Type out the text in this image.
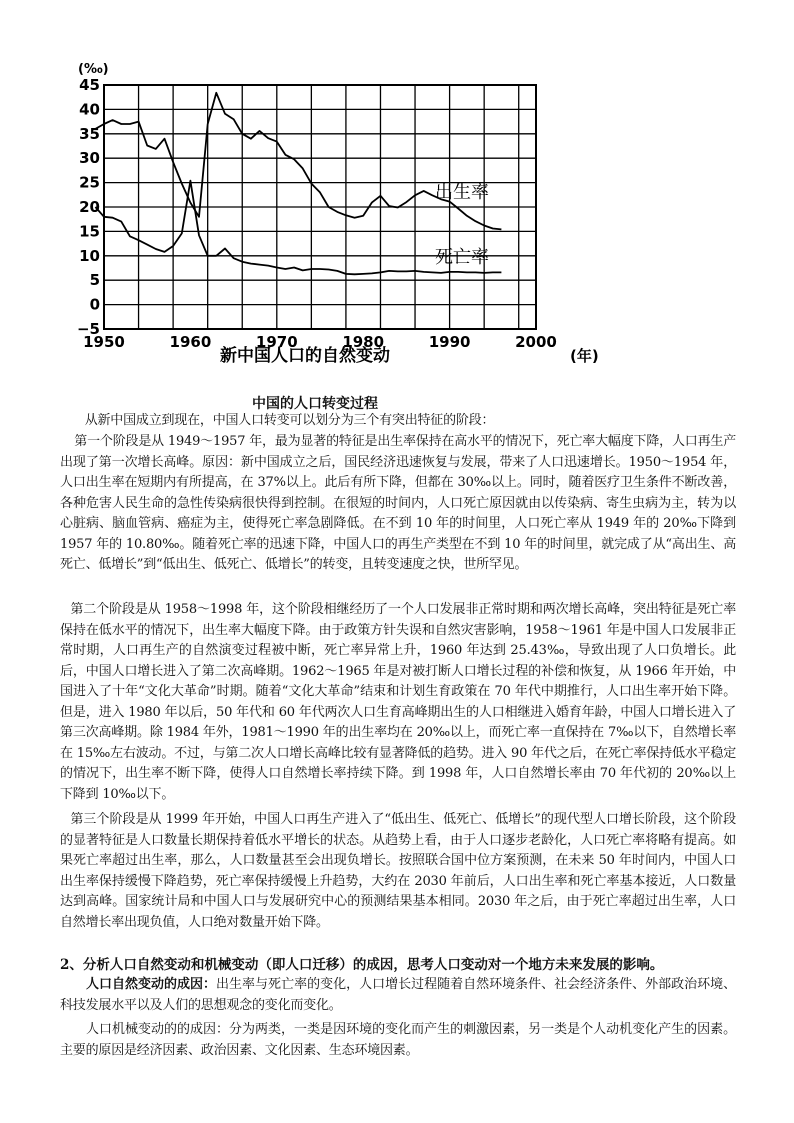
45
40
35
30
25
20
15
10
5
0
−5
1950	1960	1970	1980	1990	2000
(‰)
(年)
新中国人口的自然变动
出生率
死亡率
中国的人口转变过程
从新中国成立到现在，中国人口转变可以划分为三个有突出特征的阶段：
第一个阶段是从 1949～1957 年，最为显著的特征是出生率保持在高水平的情况下，死亡率大幅度下降，人口再生产出现了第一次增长高峰。原因：新中国成立之后，国民经济迅速恢复与发展，带来了人口迅速增长。1950～1954 年，人口出生率在短期内有所提高，在 37%以上。此后有所下降，但都在 30‰以上。同时，随着医疗卫生条件不断改善，各种危害人民生命的急性传染病很快得到控制。在很短的时间内，人口死亡原因就由以传染病、寄生虫病为主，转为以心脏病、脑血管病、癌症为主，使得死亡率急剧降低。在不到 10 年的时间里，人口死亡率从 1949 年的 20‰下降到 1957 年的 10.80‰。随着死亡率的迅速下降，中国人口的再生产类型在不到 10 年的时间里，就完成了从“高出生、高死亡、低增长”到“低出生、低死亡、低增长”的转变，且转变速度之快，世所罕见。
第二个阶段是从 1958～1998 年，这个阶段相继经历了一个人口发展非正常时期和两次增长高峰，突出特征是死亡率保持在低水平的情况下，出生率大幅度下降。由于政策方针失误和自然灾害影响，1958～1961 年是中国人口发展非正常时期，人口再生产的自然演变过程被中断，死亡率异常上升，1960 年达到 25.43‰，导致出现了人口负增长。此后，中国人口增长进入了第二次高峰期。1962～1965 年是对被打断人口增长过程的补偿和恢复，从 1966 年开始，中国进入了十年“文化大革命”时期。随着“文化大革命”结束和计划生育政策在 70 年代中期推行，人口出生率开始下降。但是，进入 1980 年以后，50 年代和 60 年代两次人口生育高峰期出生的人口相继进入婚育年龄，中国人口增长进入了第三次高峰期。除 1984 年外，1981～1990 年的出生率均在 20‰以上，而死亡率一直保持在 7‰以下，自然增长率在 15‰左右波动。不过，与第二次人口增长高峰比较有显著降低的趋势。进入 90 年代之后，在死亡率保持低水平稳定的情况下，出生率不断下降，使得人口自然增长率持续下降。到 1998 年，人口自然增长率由 70 年代初的 20‰以上下降到 10‰以下。
第三个阶段是从 1999 年开始，中国人口再生产进入了“低出生、低死亡、低增长”的现代型人口增长阶段，这个阶段的显著特征是人口数量长期保持着低水平增长的状态。从趋势上看，由于人口逐步老龄化，人口死亡率将略有提高。如果死亡率超过出生率，那么，人口数量甚至会出现负增长。按照联合国中位方案预测，在未来 50 年时间内，中国人口出生率保持缓慢下降趋势，死亡率保持缓慢上升趋势，大约在 2030 年前后，人口出生率和死亡率基本接近，人口数量达到高峰。国家统计局和中国人口与发展研究中心的预测结果基本相同。2030 年之后，由于死亡率超过出生率，人口自然增长率出现负值，人口绝对数量开始下降。
2、分析人口自然变动和机械变动（即人口迁移）的成因，思考人口变动对一个地方未来发展的影响。
人口自然变动的成因：出生率与死亡率的变化，人口增长过程随着自然环境条件、社会经济条件、外部政治环境、科技发展水平以及人们的思想观念的变化而变化。
人口机械变动的的成因：分为两类，一类是因环境的变化而产生的刺激因素，另一类是个人动机变化产生的因素。主要的原因是经济因素、政治因素、文化因素、生态环境因素。
